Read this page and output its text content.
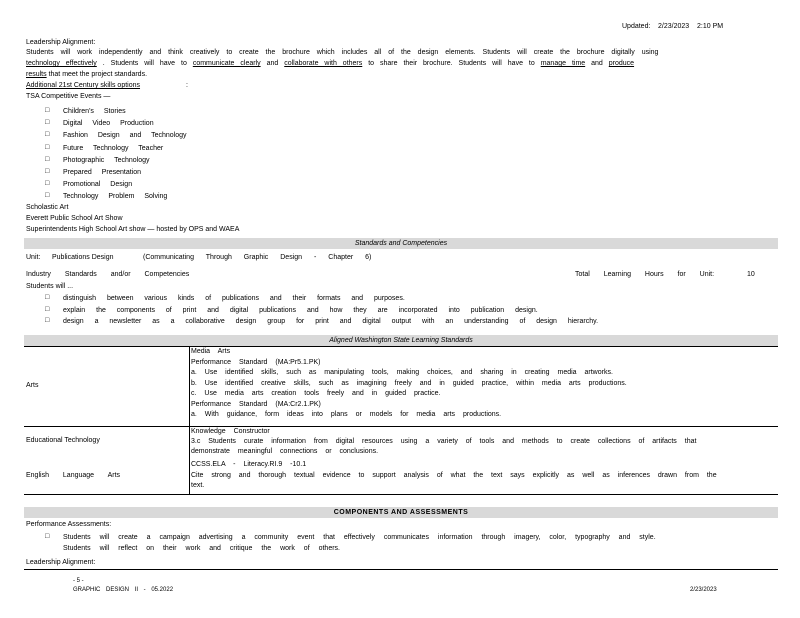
Updated: 2/23/2023 2:10 PM
Leadership Alignment:
Students will work independently and think creatively to create the brochure which includes all of the design elements. Students will create the brochure digitally using
technology effectively . Students will have to communicate clearly and collaborate with others to share their brochure. Students will have to manage time and produce
results that meet the project standards.
Additional 21st Century skills options	:
TSA Competitive Events —
□ Children's Stories
□ Digital Video Production
□ Fashion Design and Technology
□ Future Technology Teacher
□ Photographic Technology
□ Prepared Presentation
□ Promotional Design
□ Technology Problem Solving
Scholastic Art
Everett Public School Art Show
Superintendents High School Art show — hosted by OPS and WAEA
Standards and Competencies
Unit: Publications Design	(Communicating Through Graphic Design - Chapter 6)
Industry Standards and/or Competencies	Total Learning Hours for Unit:	10
Students will ...
□ distinguish between various kinds of publications and their formats and purposes.
□ explain the components of print and digital publications and how they are incorporated into publication design.
□ design a newsletter as a collaborative design group for print and digital output with an understanding of design hierarchy.
Aligned Washington State Learning Standards
Arts
Media Arts
Performance Standard (MA:Pr5.1.PK)
a. Use identified skills, such as manipulating tools, making choices, and sharing in creating media artworks.
b. Use identified creative skills, such as imagining freely and in guided practice, within media arts productions.
c. Use media arts creation tools freely and in guided practice.
Performance Standard (MA:Cr2.1.PK)
a. With guidance, form ideas into plans or models for media arts productions.
Educational Technology
Knowledge Constructor
3.c Students curate information from digital resources using a variety of tools and methods to create collections of artifacts that
demonstrate meaningful connections or conclusions.
English Language Arts
CCSS.ELA - Literacy.RI.9 -10.1
Cite strong and thorough textual evidence to support analysis of what the text says explicitly as well as inferences drawn from the
text.
COMPONENTS AND ASSESSMENTS
Performance Assessments:
□ Students will create a campaign advertising a community event that effectively communicates information through imagery, color, typography and style.
Students will reflect on their work and critique the work of others.
Leadership Alignment:
- 5 -
GRAPHIC DESIGN II - 05.2022	2/23/2023
